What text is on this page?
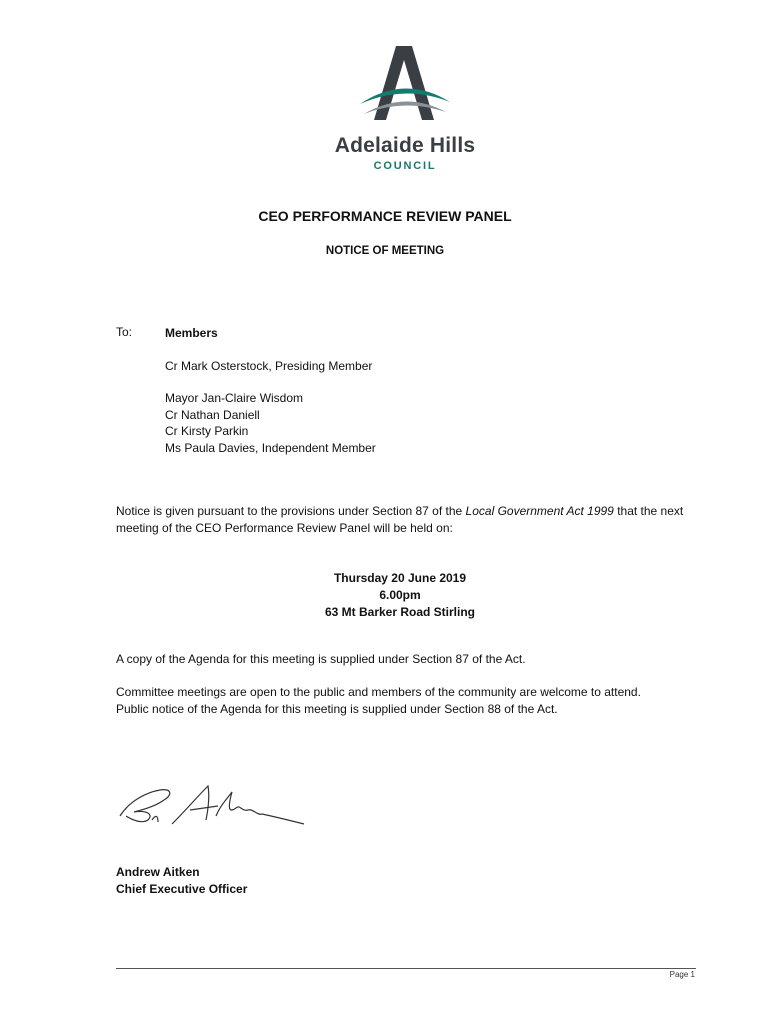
Adelaide Hills
COUNCIL
CEO PERFORMANCE REVIEW PANEL
NOTICE OF MEETING
To:	Members
Cr Mark Osterstock, Presiding Member
Mayor Jan-Claire Wisdom
Cr Nathan Daniell
Cr Kirsty Parkin
Ms Paula Davies, Independent Member
Notice is given pursuant to the provisions under Section 87 of the Local Government Act 1999 that the next meeting of the CEO Performance Review Panel will be held on:
Thursday 20 June 2019
6.00pm
63 Mt Barker Road Stirling
A copy of the Agenda for this meeting is supplied under Section 87 of the Act.
Committee meetings are open to the public and members of the community are welcome to attend.
Public notice of the Agenda for this meeting is supplied under Section 88 of the Act.
Andrew Aitken
Chief Executive Officer
Page 1
